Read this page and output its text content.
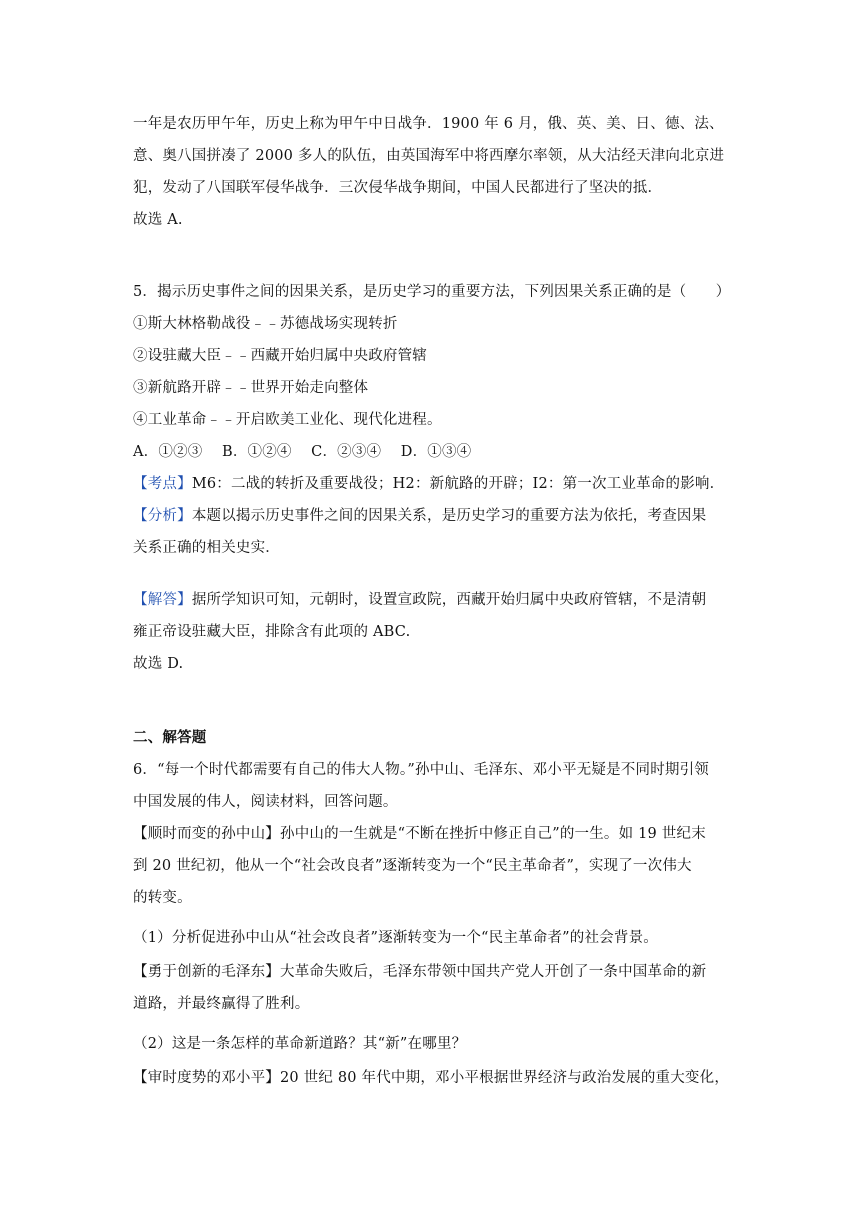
一年是农历甲午年，历史上称为甲午中日战争．1900 年 6 月，俄、英、美、日、德、法、
意、奥八国拼凑了 2000 多人的队伍，由英国海军中将西摩尔率领，从大沽经天津向北京进
犯，发动了八国联军侵华战争．三次侵华战争期间，中国人民都进行了坚决的抵．
故选 A.
5．揭示历史事件之间的因果关系，是历史学习的重要方法，下列因果关系正确的是（　　）
①斯大林格勒战役﹣﹣苏德战场实现转折
②设驻藏大臣﹣﹣西藏开始归属中央政府管辖
③新航路开辟﹣﹣世界开始走向整体
④工业革命﹣﹣开启欧美工业化、现代化进程。
A．①②③　 B．①②④　 C．②③④　 D．①③④
【考点】M6：二战的转折及重要战役；H2：新航路的开辟；I2：第一次工业革命的影响．
【分析】本题以揭示历史事件之间的因果关系，是历史学习的重要方法为依托，考查因果
关系正确的相关史实．
【解答】据所学知识可知，元朝时，设置宣政院，西藏开始归属中央政府管辖，不是清朝
雍正帝设驻藏大臣，排除含有此项的 ABC.
故选 D.
二、解答题
6．“每一个时代都需要有自己的伟大人物。”孙中山、毛泽东、邓小平无疑是不同时期引领
中国发展的伟人，阅读材料，回答问题。
【顺时而变的孙中山】孙中山的一生就是“不断在挫折中修正自己”的一生。如 19 世纪末
到 20 世纪初，他从一个“社会改良者”逐渐转变为一个“民主革命者”，实现了一次伟大
的转变。
（1）分析促进孙中山从“社会改良者”逐渐转变为一个“民主革命者”的社会背景。
【勇于创新的毛泽东】大革命失败后，毛泽东带领中国共产党人开创了一条中国革命的新
道路，并最终赢得了胜利。
（2）这是一条怎样的革命新道路？其“新”在哪里？
【审时度势的邓小平】20 世纪 80 年代中期，邓小平根据世界经济与政治发展的重大变化，
